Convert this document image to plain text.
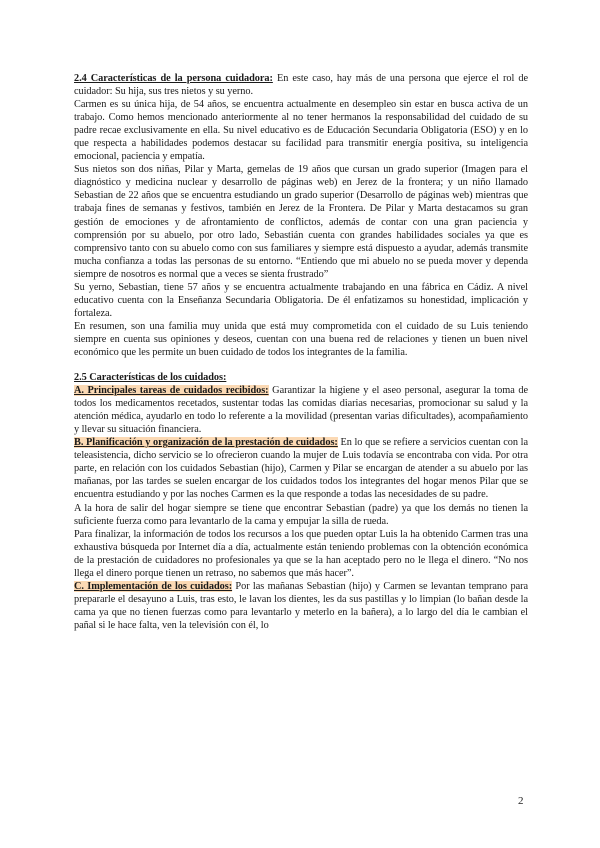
2.4 Características de la persona cuidadora: En este caso, hay más de una persona que ejerce el rol de cuidador: Su hija, sus tres nietos y su yerno.

Carmen es su única hija, de 54 años, se encuentra actualmente en desempleo sin estar en busca activa de un trabajo. Como hemos mencionado anteriormente al no tener hermanos la responsabilidad del cuidado de su padre recae exclusivamente en ella. Su nivel educativo es de Educación Secundaria Obligatoria (ESO) y en lo que respecta a habilidades podemos destacar su facilidad para transmitir energía positiva, su inteligencia emocional, paciencia y empatía.

Sus nietos son dos niñas, Pilar y Marta, gemelas de 19 años que cursan un grado superior (Imagen para el diagnóstico y medicina nuclear y desarrollo de páginas web) en Jerez de la frontera; y un niño llamado Sebastian de 22 años que se encuentra estudiando un grado superior (Desarrollo de páginas web) mientras que trabaja fines de semanas y festivos, también en Jerez de la Frontera. De Pilar y Marta destacamos su gran gestión de emociones y de afrontamiento de conflictos, además de contar con una gran paciencia y comprensión por su abuelo, por otro lado, Sebastián cuenta con grandes habilidades sociales ya que es comprensivo tanto con su abuelo como con sus familiares y siempre está dispuesto a ayudar, además transmite mucha confianza a todas las personas de su entorno. “Entiendo que mi abuelo no se pueda mover y dependa siempre de nosotros es normal que a veces se sienta frustrado”

Su yerno, Sebastian, tiene 57 años y se encuentra actualmente trabajando en una fábrica en Cádiz. A nivel educativo cuenta con la Enseñanza Secundaria Obligatoria. De él enfatizamos su honestidad, implicación y fortaleza.

En resumen, son una familia muy unida que está muy comprometida con el cuidado de su Luis teniendo siempre en cuenta sus opiniones y deseos, cuentan con una buena red de relaciones y tienen un buen nivel económico que les permite un buen cuidado de todos los integrantes de la familia.

2.5 Características de los cuidados:

A. Principales tareas de cuidados recibidos: Garantizar la higiene y el aseo personal, asegurar la toma de todos los medicamentos recetados, sustentar todas las comidas diarias necesarias, promocionar su salud y la atención médica, ayudarlo en todo lo referente a la movilidad (presentan varias dificultades), acompañamiento y llevar su situación financiera.

B. Planificación y organización de la prestación de cuidados: En lo que se refiere a servicios cuentan con la teleasistencia, dicho servicio se lo ofrecieron cuando la mujer de Luis todavía se encontraba con vida. Por otra parte, en relación con los cuidados Sebastian (hijo), Carmen y Pilar se encargan de atender a su abuelo por las mañanas, por las tardes se suelen encargar de los cuidados todos los integrantes del hogar menos Pilar que se encuentra estudiando y por las noches Carmen es la que responde a todas las necesidades de su padre.

A la hora de salir del hogar siempre se tiene que encontrar Sebastian (padre) ya que los demás no tienen la suficiente fuerza como para levantarlo de la cama y empujar la silla de rueda.

Para finalizar, la información de todos los recursos a los que pueden optar Luis la ha obtenido Carmen tras una exhaustiva búsqueda por Internet día a día, actualmente están teniendo problemas con la obtención económica de la prestación de cuidadores no profesionales ya que se la han aceptado pero no le llega el dinero. “No nos llega el dinero porque tienen un retraso, no sabemos que más hacer”.

C. Implementación de los cuidados: Por las mañanas Sebastian (hijo) y Carmen se levantan temprano para prepararle el desayuno a Luis, tras esto, le lavan los dientes, les da sus pastillas y lo limpian (lo bañan desde la cama ya que no tienen fuerzas como para levantarlo y meterlo en la bañera), a lo largo del día le cambian el pañal si le hace falta, ven la televisión con él, lo

2
